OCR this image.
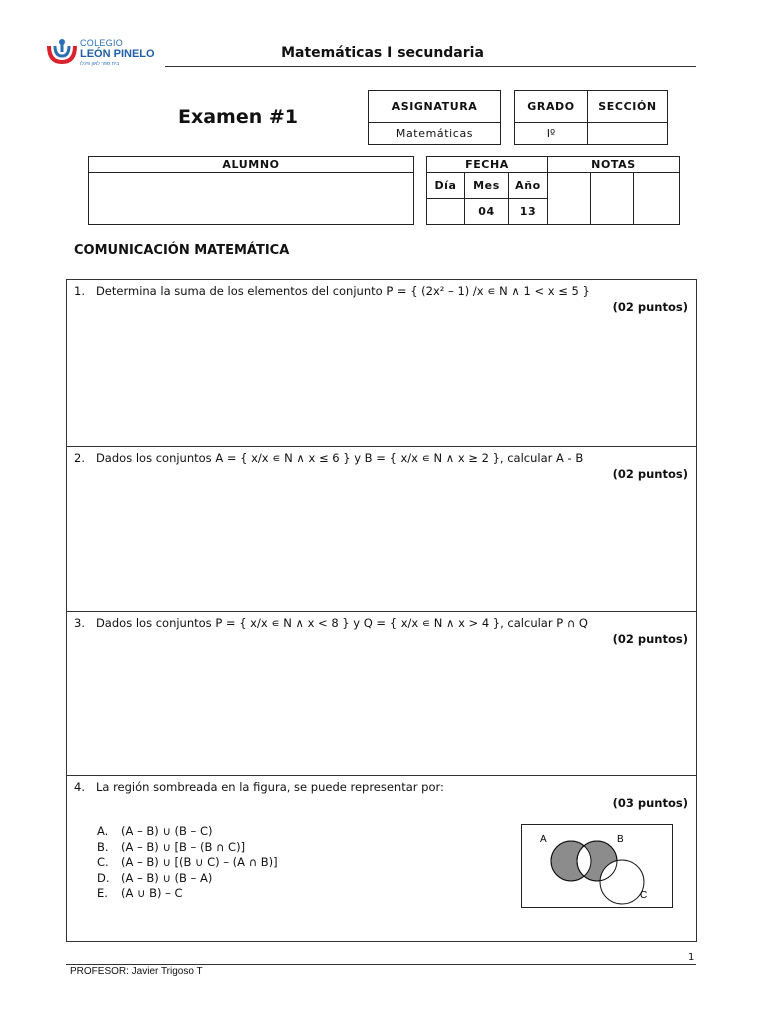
COLEGIO
LEÓN PINELO
בית ספר לאון פינלו
Matemáticas I secundaria
Examen #1	ASIGNATURA
Matemáticas
GRADO	SECCIÓN
Iº	
ALUMNO	FECHA			NOTAS		
Día	Mes	Año			
	04	13			
COMUNICACIÓN MATEMÁTICA
1. Determina la suma de los elementos del conjunto P = { (2x² – 1) /x ∊ N ∧ 1 < x ≤ 5 }
(02 puntos)
2. Dados los conjuntos A = { x/x ∊ N ∧ x ≤ 6 } y B = { x/x ∊ N ∧ x ≥ 2 }, calcular A - B
(02 puntos)
3. Dados los conjuntos P = { x/x ∊ N ∧ x < 8 } y Q = { x/x ∊ N ∧ x > 4 }, calcular P ∩ Q
(02 puntos)
4. La región sombreada en la figura, se puede representar por:
(03 puntos)
A. (A – B) ∪ (B – C)
B. (A – B) ∪ [B – (B ∩ C)]
C. (A – B) ∪ [(B ∪ C) – (A ∩ B)]
D. (A – B) ∪ (B – A)
E. (A ∪ B) – C
A	B
C
1
PROFESOR: Javier Trigoso T
